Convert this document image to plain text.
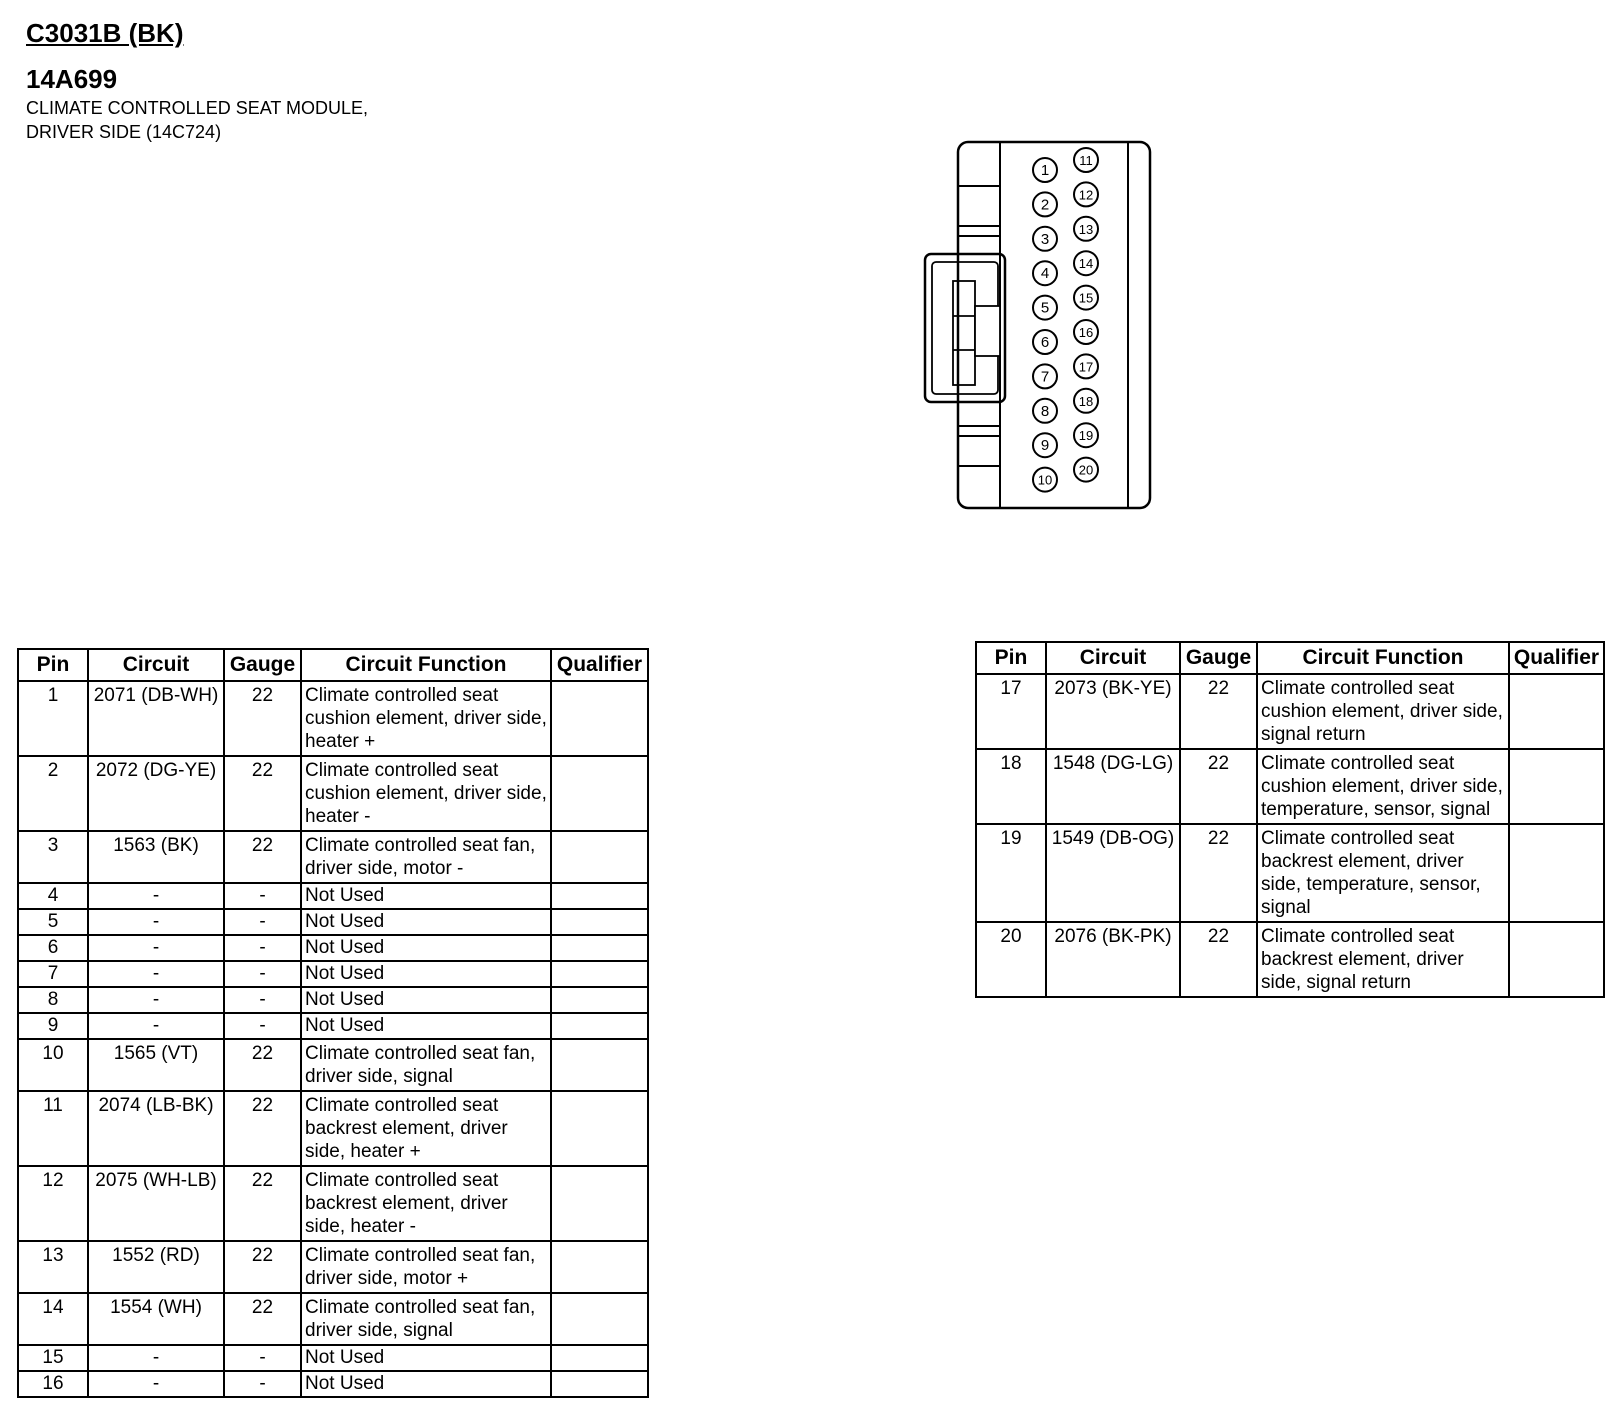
C3031B (BK)
14A699
CLIMATE CONTROLLED SEAT MODULE,
DRIVER SIDE (14C724)
1
2
3
4
5
6
7
8
9
10
11
12
13
14
15
16
17
18
19
20
Pin	Circuit	Gauge	Circuit Function	Qualifier
1	2071 (DB-WH)	22	Climate controlled seat cushion element, driver side, heater +	
2	2072 (DG-YE)	22	Climate controlled seat cushion element, driver side, heater -	
3	1563 (BK)	22	Climate controlled seat fan, driver side, motor -	
4	-	-	Not Used	
5	-	-	Not Used	
6	-	-	Not Used	
7	-	-	Not Used	
8	-	-	Not Used	
9	-	-	Not Used	
10	1565 (VT)	22	Climate controlled seat fan, driver side, signal	
11	2074 (LB-BK)	22	Climate controlled seat backrest element, driver side, heater +	
12	2075 (WH-LB)	22	Climate controlled seat backrest element, driver side, heater -	
13	1552 (RD)	22	Climate controlled seat fan, driver side, motor +	
14	1554 (WH)	22	Climate controlled seat fan, driver side, signal	
15	-	-	Not Used	
16	-	-	Not Used	
Pin	Circuit	Gauge	Circuit Function	Qualifier
17	2073 (BK-YE)	22	Climate controlled seat cushion element, driver side, signal return	
18	1548 (DG-LG)	22	Climate controlled seat cushion element, driver side, temperature, sensor, signal	
19	1549 (DB-OG)	22	Climate controlled seat backrest element, driver side, temperature, sensor, signal	
20	2076 (BK-PK)	22	Climate controlled seat backrest element, driver side, signal return	
